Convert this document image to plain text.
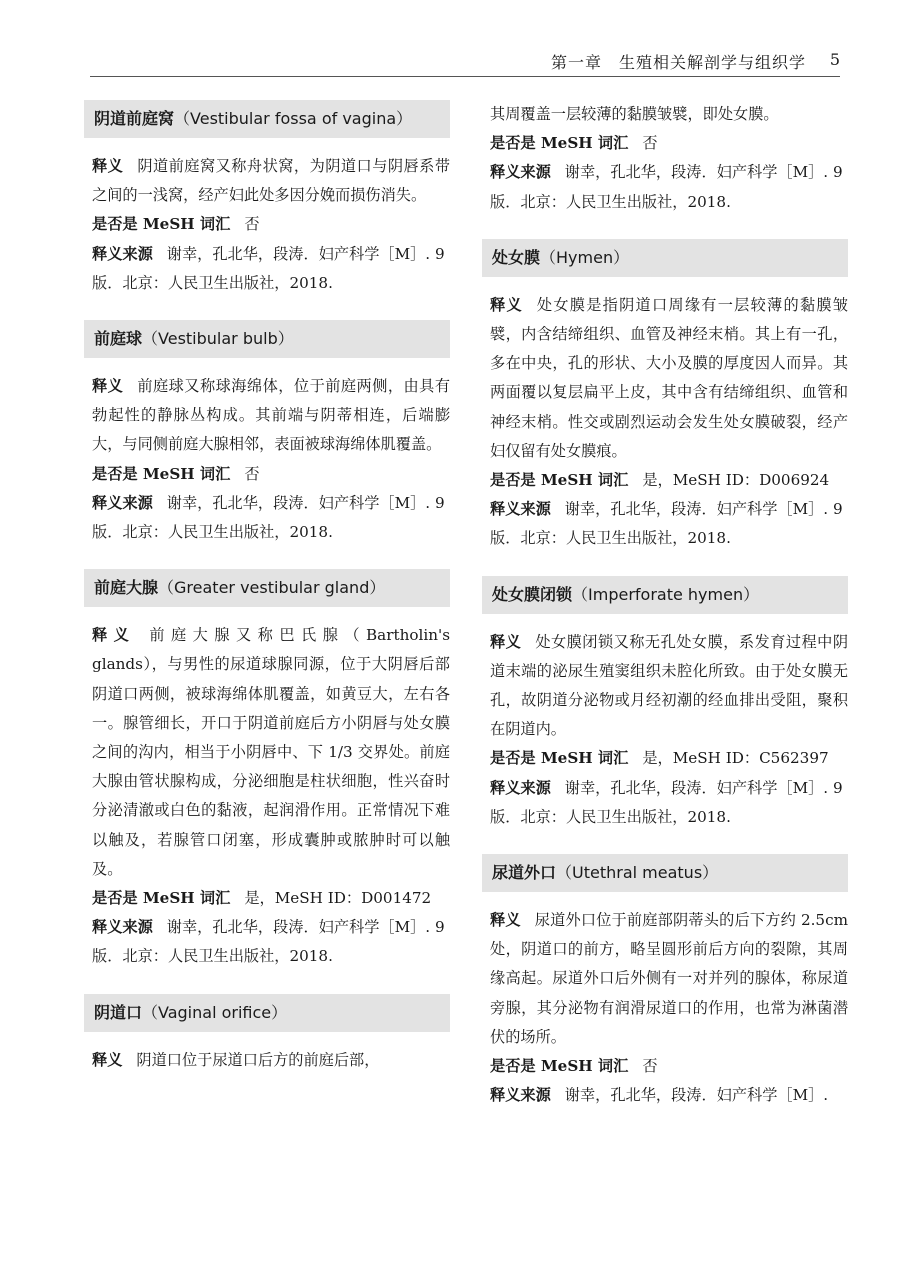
第一章　生殖相关解剖学与组织学 5
阴道前庭窝（Vestibular fossa of vagina）
释义 阴道前庭窝又称舟状窝，为阴道口与阴唇系带之间的一浅窝，经产妇此处多因分娩而损伤消失。
是否是 MeSH 词汇 否
释义来源 谢幸，孔北华，段涛．妇产科学［M］. 9 版．北京：人民卫生出版社，2018.
前庭球（Vestibular bulb）
释义 前庭球又称球海绵体，位于前庭两侧，由具有勃起性的静脉丛构成。其前端与阴蒂相连，后端膨大，与同侧前庭大腺相邻，表面被球海绵体肌覆盖。
是否是 MeSH 词汇 否
释义来源 谢幸，孔北华，段涛．妇产科学［M］. 9 版．北京：人民卫生出版社，2018.
前庭大腺（Greater vestibular gland）
释义 前庭大腺又称巴氏腺（Bartholin's glands），与男性的尿道球腺同源，位于大阴唇后部阴道口两侧，被球海绵体肌覆盖，如黄豆大，左右各一。腺管细长，开口于阴道前庭后方小阴唇与处女膜之间的沟内，相当于小阴唇中、下 1/3 交界处。前庭大腺由管状腺构成，分泌细胞是柱状细胞，性兴奋时分泌清澈或白色的黏液，起润滑作用。正常情况下难以触及，若腺管口闭塞，形成囊肿或脓肿时可以触及。
是否是 MeSH 词汇 是，MeSH ID：D001472
释义来源 谢幸，孔北华，段涛．妇产科学［M］. 9 版．北京：人民卫生出版社，2018.
阴道口（Vaginal orifice）
释义 阴道口位于尿道口后方的前庭后部，
其周覆盖一层较薄的黏膜皱襞，即处女膜。
是否是 MeSH 词汇 否
释义来源 谢幸，孔北华，段涛．妇产科学［M］. 9 版．北京：人民卫生出版社，2018.
处女膜（Hymen）
释义 处女膜是指阴道口周缘有一层较薄的黏膜皱襞，内含结缔组织、血管及神经末梢。其上有一孔，多在中央，孔的形状、大小及膜的厚度因人而异。其两面覆以复层扁平上皮，其中含有结缔组织、血管和神经末梢。性交或剧烈运动会发生处女膜破裂，经产妇仅留有处女膜痕。
是否是 MeSH 词汇 是，MeSH ID：D006924
释义来源 谢幸，孔北华，段涛．妇产科学［M］. 9 版．北京：人民卫生出版社，2018.
处女膜闭锁（Imperforate hymen）
释义 处女膜闭锁又称无孔处女膜，系发育过程中阴道末端的泌尿生殖窦组织未腔化所致。由于处女膜无孔，故阴道分泌物或月经初潮的经血排出受阻，聚积在阴道内。
是否是 MeSH 词汇 是，MeSH ID：C562397
释义来源 谢幸，孔北华，段涛．妇产科学［M］. 9 版．北京：人民卫生出版社，2018.
尿道外口（Utethral meatus）
释义 尿道外口位于前庭部阴蒂头的后下方约 2.5cm 处，阴道口的前方，略呈圆形前后方向的裂隙，其周缘高起。尿道外口后外侧有一对并列的腺体，称尿道旁腺，其分泌物有润滑尿道口的作用，也常为淋菌潜伏的场所。
是否是 MeSH 词汇 否
释义来源 谢幸，孔北华，段涛．妇产科学［M］.
